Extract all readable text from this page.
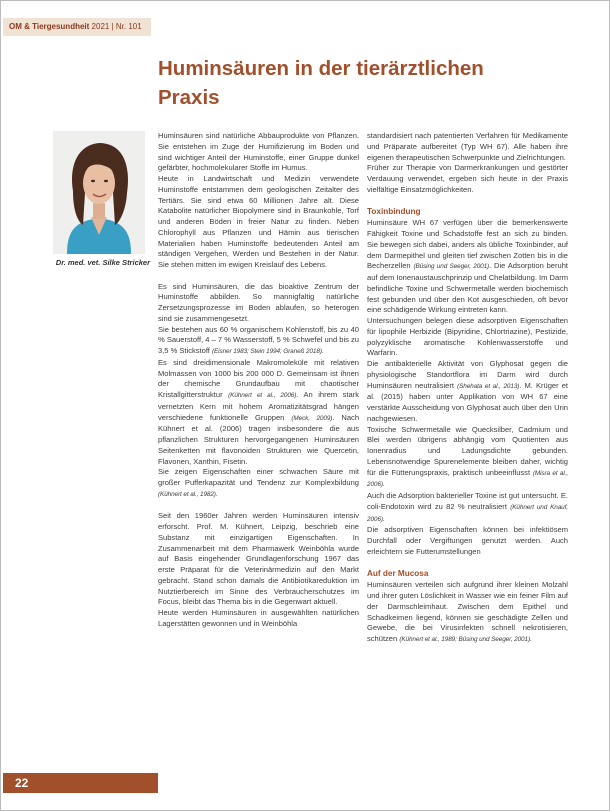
OM & Tiergesundheit 2021 | Nr. 101
Huminsäuren in der tierärztlichen
Praxis
Dr. med. vet. Silke Stricker

Huminsäuren sind natürliche Abbauprodukte von Pflanzen. Sie entstehen im Zuge der Humifizierung im Boden und sind wichtiger Anteil der Huminstoffe, einer Gruppe dunkel gefärbter, hochmolekularer Stoffe im Humus.

Heute in Landwirtschaft und Medizin verwendete Huminstoffe entstammen dem geologischen Zeitalter des Tertiärs. Sie sind etwa 60 Millionen Jahre alt. Diese Katabolite natürlicher Biopolymere sind in Braunkohle, Torf und anderen Böden in freier Natur zu finden. Neben Chlorophyll aus Pflanzen und Hämin aus tierischen Materialien haben Huminstoffe bedeutenden Anteil am ständigen Vergehen, Werden und Bestehen in der Natur. Sie stehen mitten im ewigen Kreislauf des Lebens.

Es sind Huminsäuren, die das bioaktive Zentrum der Huminstoffe abbilden. So mannigfaltig natürliche Zersetzungsprozesse im Boden ablaufen, so heterogen sind sie zusammengesetzt.

Sie bestehen aus 60 % organischem Kohlenstoff, bis zu 40 % Sauerstoff, 4 – 7 % Wasserstoff, 5 % Schwefel und bis zu 3,5 % Stickstoff (Eisner 1983; Stein 1994; Graneß 2018).

Es sind dreidimensionale Makromoleküle mit relativen Molmassen von 1000 bis 200 000 D. Gemeinsam ist ihnen der chemische Grundaufbau mit chaotischer Kristallgitterstruktur (Kühnert et al., 2006). An ihrem stark vernetzten Kern mit hohem Aromatizitätsgrad hängen verschiedene funktionelle Gruppen (Meck, 2009). Nach Kühnert et al. (2006) tragen insbesondere die aus pflanzlichen Strukturen hervorgegangenen Huminsäuren Seitenketten mit flavonoiden Strukturen wie Quercetin, Flavonen, Xanthin, Fisetin.

Sie zeigen Eigenschaften einer schwachen Säure mit großer Pufferkapazität und Tendenz zur Komplexbildung (Kühnert et al., 1982).

Seit den 1960er Jahren werden Huminsäuren intensiv erforscht. Prof. M. Kühnert, Leipzig, beschrieb eine Substanz mit einzigartigen Eigenschaften. In Zusammenarbeit mit dem Pharmawerk Weinböhla wurde auf Basis eingehender Grundlagenforschung 1967 das erste Präparat für die Veterinärmedizin auf den Markt gebracht. Stand schon damals die Antibiotikareduktion im Nutztierbereich im Sinne des Verbraucherschutzes im Focus, bleibt das Thema bis in die Gegenwart aktuell.

Heute werden Huminsäuren in ausgewählten natürlichen Lagerstätten gewonnen und in Weinböhla

standardisiert nach patentierten Verfahren für Medikamente und Präparate aufbereitet (Typ WH 67). Alle haben ihre eigenen therapeutischen Schwerpunkte und Zielrichtungen.

Früher zur Therapie von Darmerkrankungen und gestörter Verdauung verwendet, ergeben sich heute in der Praxis vielfältige Einsatzmöglichkeiten.

Toxinbindung

Huminsäure WH 67 verfügen über die bemerkenswerte Fähigkeit Toxine und Schadstoffe fest an sich zu binden. Sie bewegen sich dabei, anders als übliche Toxinbinder, auf dem Darmepithel und gleiten tief zwischen Zotten bis in die Becherzellen (Büsing und Seeger, 2001). Die Adsorption beruht auf dem Ionenaustauschprinzip und Chelatbildung. Im Darm befindliche Toxine und Schwermetalle werden biochemisch fest gebunden und über den Kot ausgeschieden, oft bevor eine schädigende Wirkung eintreten kann.

Untersuchungen belegen diese adsorptiven Eigenschaften für lipophile Herbizide (Bipyridine, Chlortriazine), Pestizide, polyzyklische aromatische Kohlenwasserstoffe und Warfarin.

Die antibakterielle Aktivität von Glyphosat gegen die physiologische Standortflora im Darm wird durch Huminsäuren neutralisiert (Shehata et al., 2013). M. Krüger et al. (2015) haben unter Applikation von WH 67 eine verstärkte Ausscheidung von Glyphosat auch über den Urin nachgewiesen.

Toxische Schwermetalle wie Quecksilber, Cadmium und Blei werden übrigens abhängig vom Quotienten aus Ionenradius und Ladungsdichte gebunden. Lebensnotwendige Spurenelemente bleiben daher, wichtig für die Fütterungspraxis, praktisch unbeeinflusst (Misra et al., 2006).

Auch die Adsorption bakterieller Toxine ist gut untersucht. E. coli-Endotoxin wird zu 82 % neutralisiert (Kühnert und Knauf, 2006).

Die adsorptiven Eigenschaften können bei infektiösem Durchfall oder Vergiftungen genutzt werden. Auch erleichtern sie Futterumstellungen

Auf der Mucosa

Huminsäuren verteilen sich aufgrund ihrer kleinen Molzahl und ihrer guten Löslichkeit in Wasser wie ein feiner Film auf der Darmschleimhaut. Zwischen dem Epithel und Schadkeimen liegend, können sie geschädigte Zellen und Gewebe, die bei Virusinfekten schnell nekrotisieren, schützen (Kühnert et al., 1989; Büsing und Seeger, 2001).

22
